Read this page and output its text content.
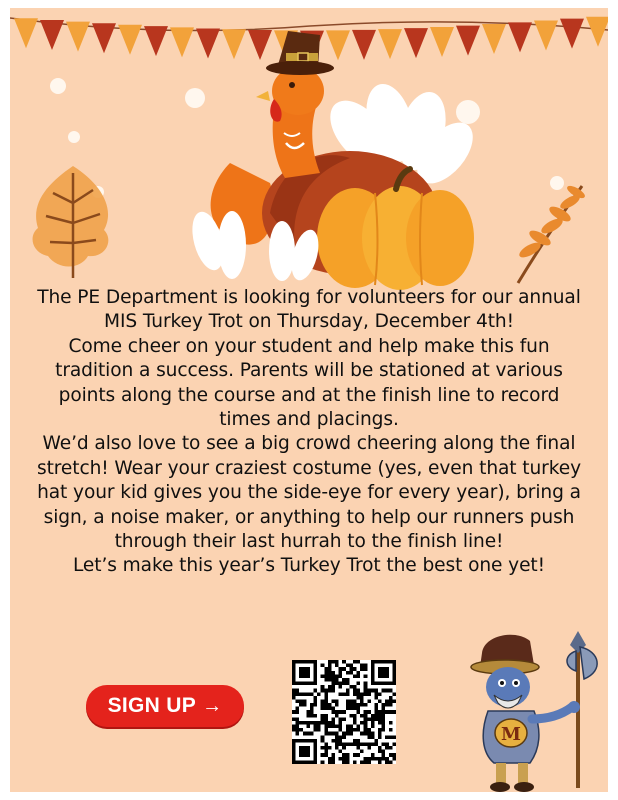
The PE Department is looking for volunteers for our annual
MIS Turkey Trot on Thursday, December 4th!
Come cheer on your student and help make this fun
tradition a success. Parents will be stationed at various
points along the course and at the finish line to record
times and placings.
We’d also love to see a big crowd cheering along the final
stretch! Wear your craziest costume (yes, even that turkey
hat your kid gives you the side-eye for every year), bring a
sign, a noise maker, or anything to help our runners push
through their last hurrah to the finish line!
Let’s make this year’s Turkey Trot the best one yet!
SIGN UP →
M
